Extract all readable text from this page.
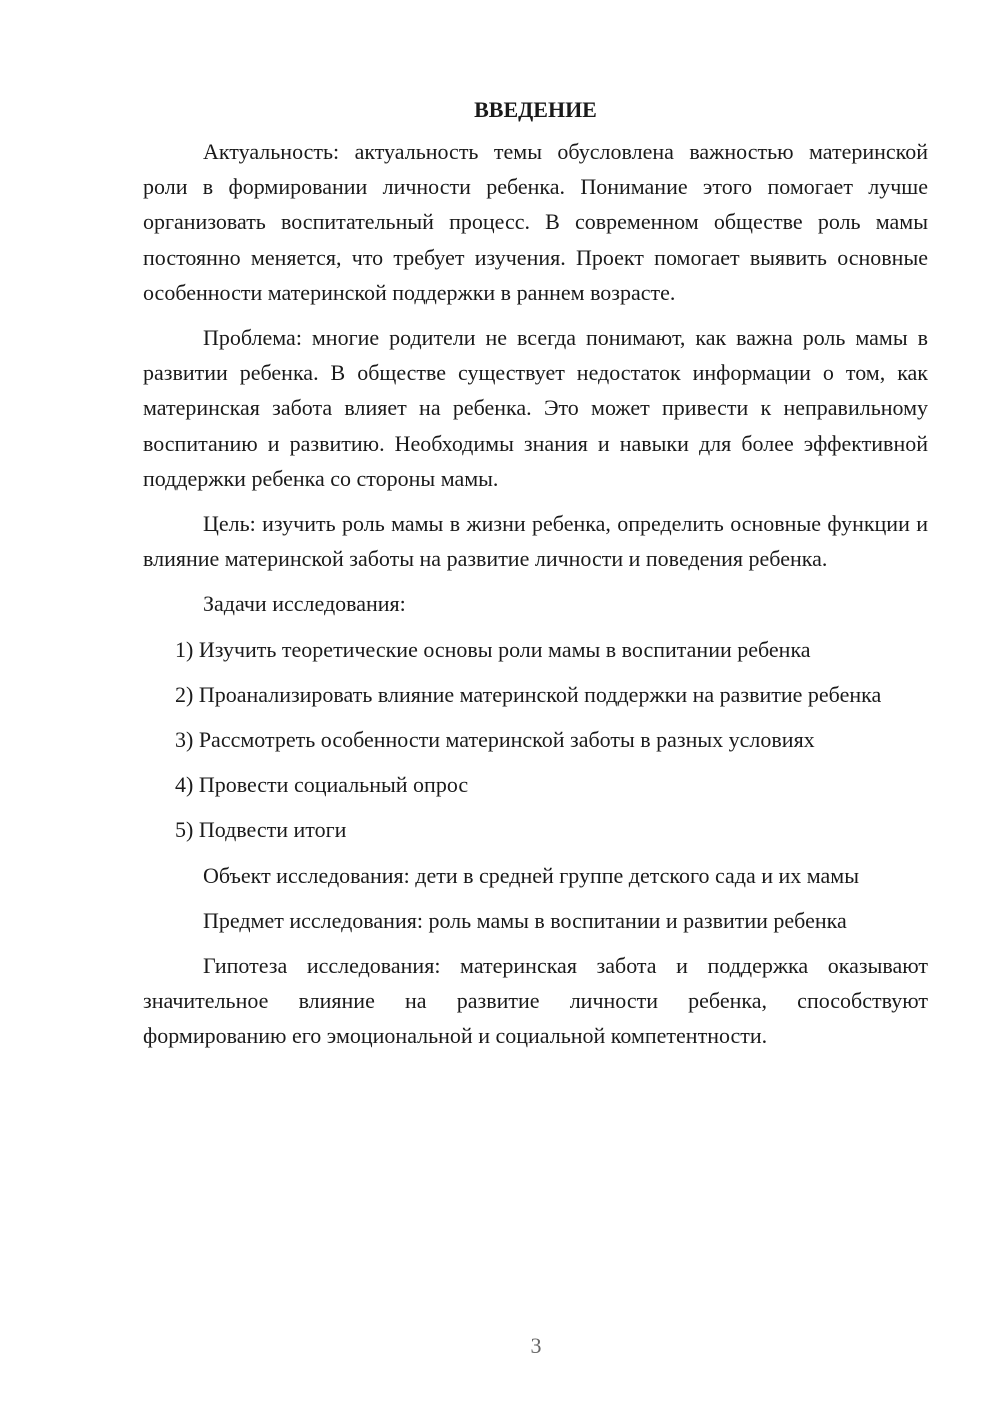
ВВЕДЕНИЕ

Актуальность: актуальность темы обусловлена важностью материнской роли в формировании личности ребенка. Понимание этого помогает лучше организовать воспитательный процесс. В современном обществе роль мамы постоянно меняется, что требует изучения. Проект помогает выявить основные особенности материнской поддержки в раннем возрасте.

Проблема: многие родители не всегда понимают, как важна роль мамы в развитии ребенка. В обществе существует недостаток информации о том, как материнская забота влияет на ребенка. Это может привести к неправильному воспитанию и развитию. Необходимы знания и навыки для более эффективной поддержки ребенка со стороны мамы.

Цель: изучить роль мамы в жизни ребенка, определить основные функции и влияние материнской заботы на развитие личности и поведения ребенка.

Задачи исследования:

1) Изучить теоретические основы роли мамы в воспитании ребенка

2) Проанализировать влияние материнской поддержки на развитие ребенка

3) Рассмотреть особенности материнской заботы в разных условиях

4) Провести социальный опрос

5) Подвести итоги

Объект исследования: дети в средней группе детского сада и их мамы

Предмет исследования: роль мамы в воспитании и развитии ребенка

Гипотеза исследования: материнская забота и поддержка оказывают значительное влияние на развитие личности ребенка, способствуют формированию его эмоциональной и социальной компетентности.

3
